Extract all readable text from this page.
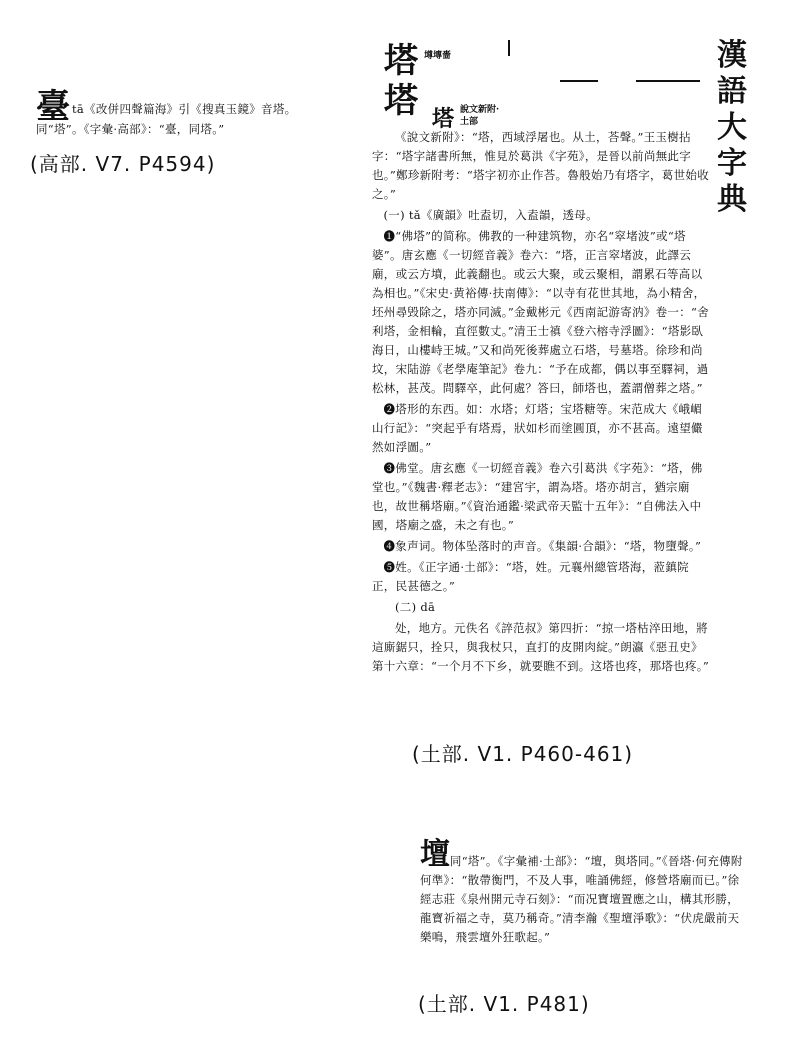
臺 tā《改併四聲篇海》引《搜真玉鏡》音塔。
同“塔”。《字彙·高部》：“臺，同塔。”
(高部. V7. P4594)
塔 壿塼嗇
塔
漢
語
大
字
典
塔 說文新附·
土部

《說文新附》：“塔，西域浮屠也。从土，荅聲。”王玉樹拈字：“塔字諸書所無，惟見於葛洪《字苑》，是晉以前尚無此字也。”鄭珍新附考：“塔字初亦止作荅。魯般始乃有塔字，葛世始收之。”

(一) tǎ《廣韻》吐盍切，入盍韻，透母。

❶“佛塔”的简称。佛教的一种建筑物，亦名“窣堵波”或“塔婆”。唐玄應《一切經音義》卷六：“塔，正言窣堵波，此譯云廟，或云方墳，此義翻也。或云大聚，或云聚相，謂累石等高以為相也。”《宋史·黄裕傳·扶南傳》：“以寺有花世其地，為小精舍，坯州尋毁除之，塔亦同滅。”金戴彬元《西南記游寄汭》卷一：“舍利塔，金相輪，直徑數丈。”清王士禛《登六榕寺浮圖》：“塔影臥海日，山樓峙王城。”又和尚死後葬處立石塔，号墓塔。徐珍和尚坟，宋陆游《老學庵筆記》卷九：“予在成都，偶以事至驛祠，過松林，甚茂。問驛卒，此何處？答曰，師塔也，蓋謂僧葬之塔。”

❷塔形的东西。如：水塔；灯塔；宝塔糖等。宋范成大《峨嵋山行記》：“突起乎有塔焉，狀如杉而塗圓頂，亦不甚高。遠望儼然如浮圖。”

❸佛堂。唐玄應《一切經音義》卷六引葛洪《字苑》：“塔，佛堂也。”《魏書·釋老志》：“建宮宇，謂為塔。塔亦胡言，猶宗廟也，故世稱塔廟。”《資治通鑑·梁武帝天監十五年》：“自佛法入中國，塔廟之盛，未之有也。”

❹象声词。物体坠落时的声音。《集韻·合韻》：“塔，物墮聲。”

❺姓。《正字通·土部》：“塔，姓。元襄州總管塔海，蒞鎮院正，民甚德之。”

(二) dā

处，地方。元佚名《誶范叔》第四折：“掠一塔枯淬田地，將這廝鋸只，拴只，與我杖只，直打的皮開肉綻。”朗瀛《惡丑史》第十六章：“一个月不下乡，就要瞧不到。这塔也疼，那塔也疼。”

(土部. V1. P460-461)
壇 同“塔”。《字彙補·土部》：“壇，與塔同。”《晉塔·何充傳附何準》：“散帶衡門，不及人事，唯誦佛經，修營塔廟而已。”徐經志莊《泉州開元寺石刻》：“而况寶壇置應之山，構其形勝，龍寶祈福之寺，莫乃稱奇。”清李瀚《聖壇淨歌》：“伏虎嚴前天樂鳴，飛雲壇外狂歌起。”

(土部. V1. P481)
